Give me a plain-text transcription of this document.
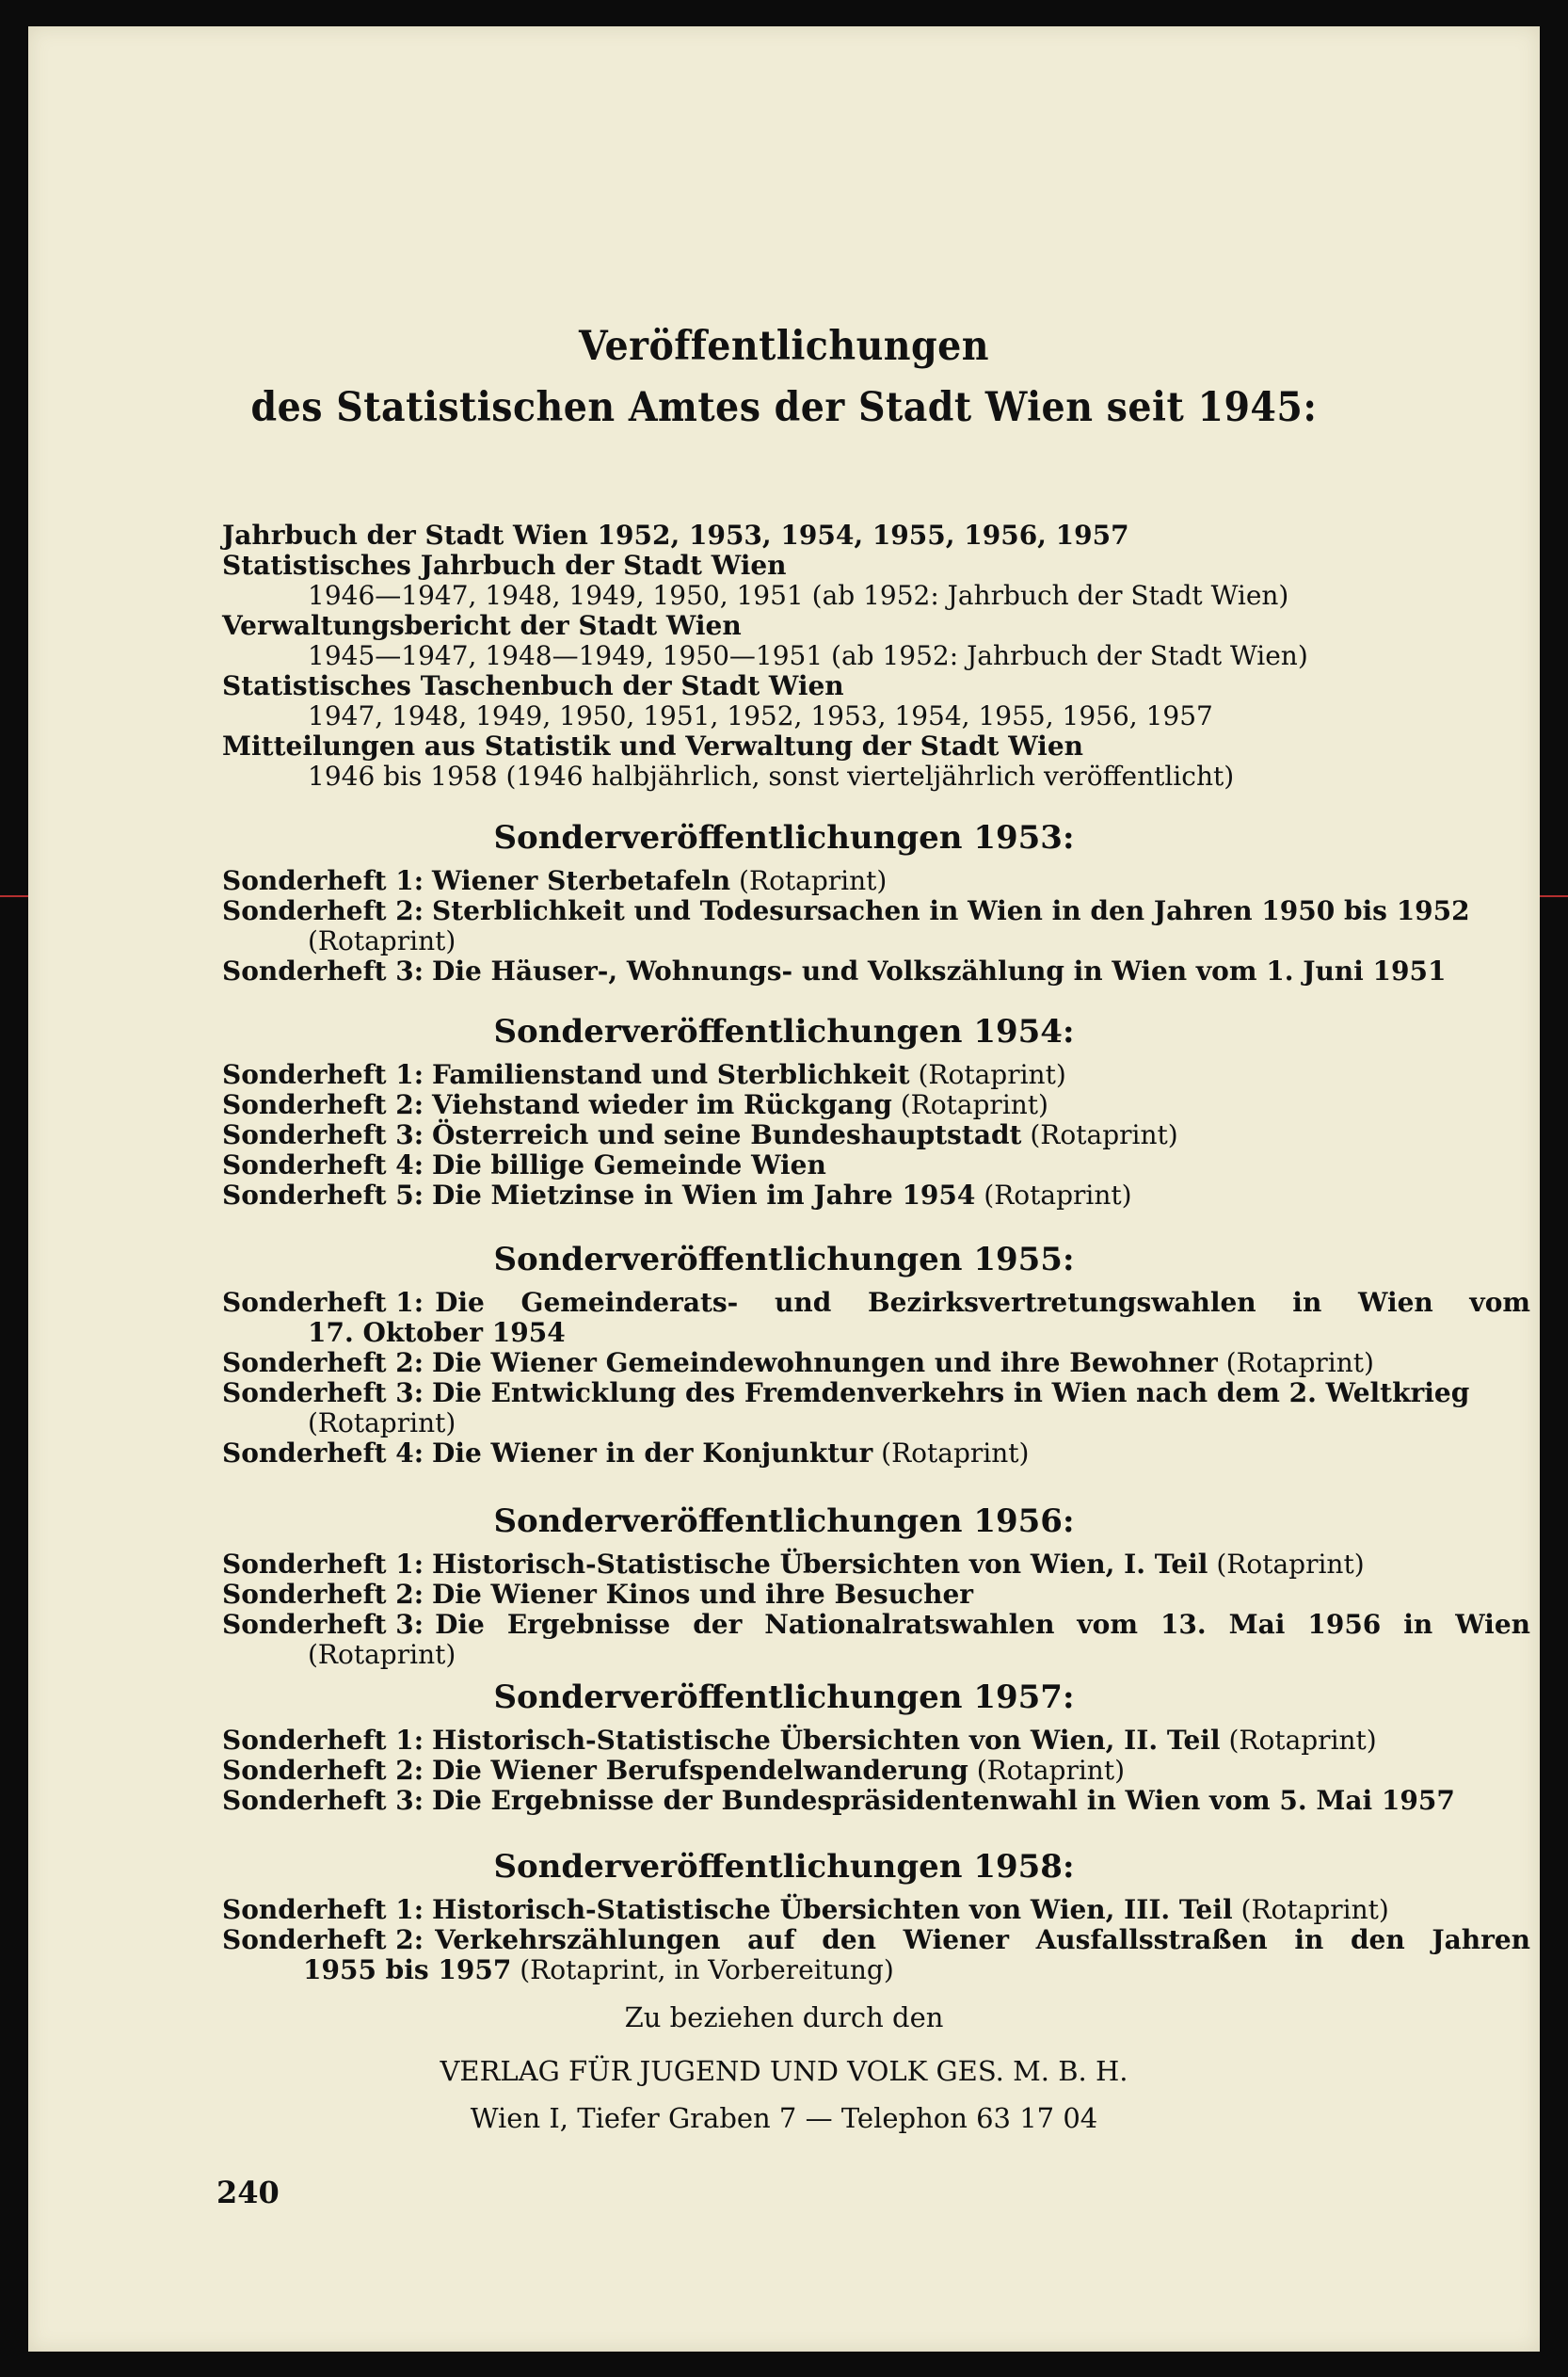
Veröffentlichungen
des Statistischen Amtes der Stadt Wien seit 1945:
Jahrbuch der Stadt Wien 1952, 1953, 1954, 1955, 1956, 1957
Statistisches Jahrbuch der Stadt Wien
1946—1947, 1948, 1949, 1950, 1951 (ab 1952: Jahrbuch der Stadt Wien)
Verwaltungsbericht der Stadt Wien
1945—1947, 1948—1949, 1950—1951 (ab 1952: Jahrbuch der Stadt Wien)
Statistisches Taschenbuch der Stadt Wien
1947, 1948, 1949, 1950, 1951, 1952, 1953, 1954, 1955, 1956, 1957
Mitteilungen aus Statistik und Verwaltung der Stadt Wien
1946 bis 1958 (1946 halbjährlich, sonst vierteljährlich veröffentlicht)
Sonderveröffentlichungen 1953:
Sonderheft 1: Wiener Sterbetafeln (Rotaprint)
Sonderheft 2: Sterblichkeit und Todesursachen in Wien in den Jahren 1950 bis 1952
(Rotaprint)
Sonderheft 3: Die Häuser-, Wohnungs- und Volkszählung in Wien vom 1. Juni 1951
Sonderveröffentlichungen 1954:
Sonderheft 1: Familienstand und Sterblichkeit (Rotaprint)
Sonderheft 2: Viehstand wieder im Rückgang (Rotaprint)
Sonderheft 3: Österreich und seine Bundeshauptstadt (Rotaprint)
Sonderheft 4: Die billige Gemeinde Wien
Sonderheft 5: Die Mietzinse in Wien im Jahre 1954 (Rotaprint)
Sonderveröffentlichungen 1955:
Sonderheft 1: Die Gemeinderats- und Bezirksvertretungswahlen in Wien vom
17. Oktober 1954
Sonderheft 2: Die Wiener Gemeindewohnungen und ihre Bewohner (Rotaprint)
Sonderheft 3: Die Entwicklung des Fremdenverkehrs in Wien nach dem 2. Weltkrieg
(Rotaprint)
Sonderheft 4: Die Wiener in der Konjunktur (Rotaprint)
Sonderveröffentlichungen 1956:
Sonderheft 1: Historisch-Statistische Übersichten von Wien, I. Teil (Rotaprint)
Sonderheft 2: Die Wiener Kinos und ihre Besucher
Sonderheft 3: Die Ergebnisse der Nationalratswahlen vom 13. Mai 1956 in Wien
(Rotaprint)
Sonderveröffentlichungen 1957:
Sonderheft 1: Historisch-Statistische Übersichten von Wien, II. Teil (Rotaprint)
Sonderheft 2: Die Wiener Berufspendelwanderung (Rotaprint)
Sonderheft 3: Die Ergebnisse der Bundespräsidentenwahl in Wien vom 5. Mai 1957
Sonderveröffentlichungen 1958:
Sonderheft 1: Historisch-Statistische Übersichten von Wien, III. Teil (Rotaprint)
Sonderheft 2: Verkehrszählungen auf den Wiener Ausfallsstraßen in den Jahren
1955 bis 1957 (Rotaprint, in Vorbereitung)
Zu beziehen durch den
VERLAG FÜR JUGEND UND VOLK GES. M. B. H.
Wien I, Tiefer Graben 7 — Telephon 63 17 04
240
